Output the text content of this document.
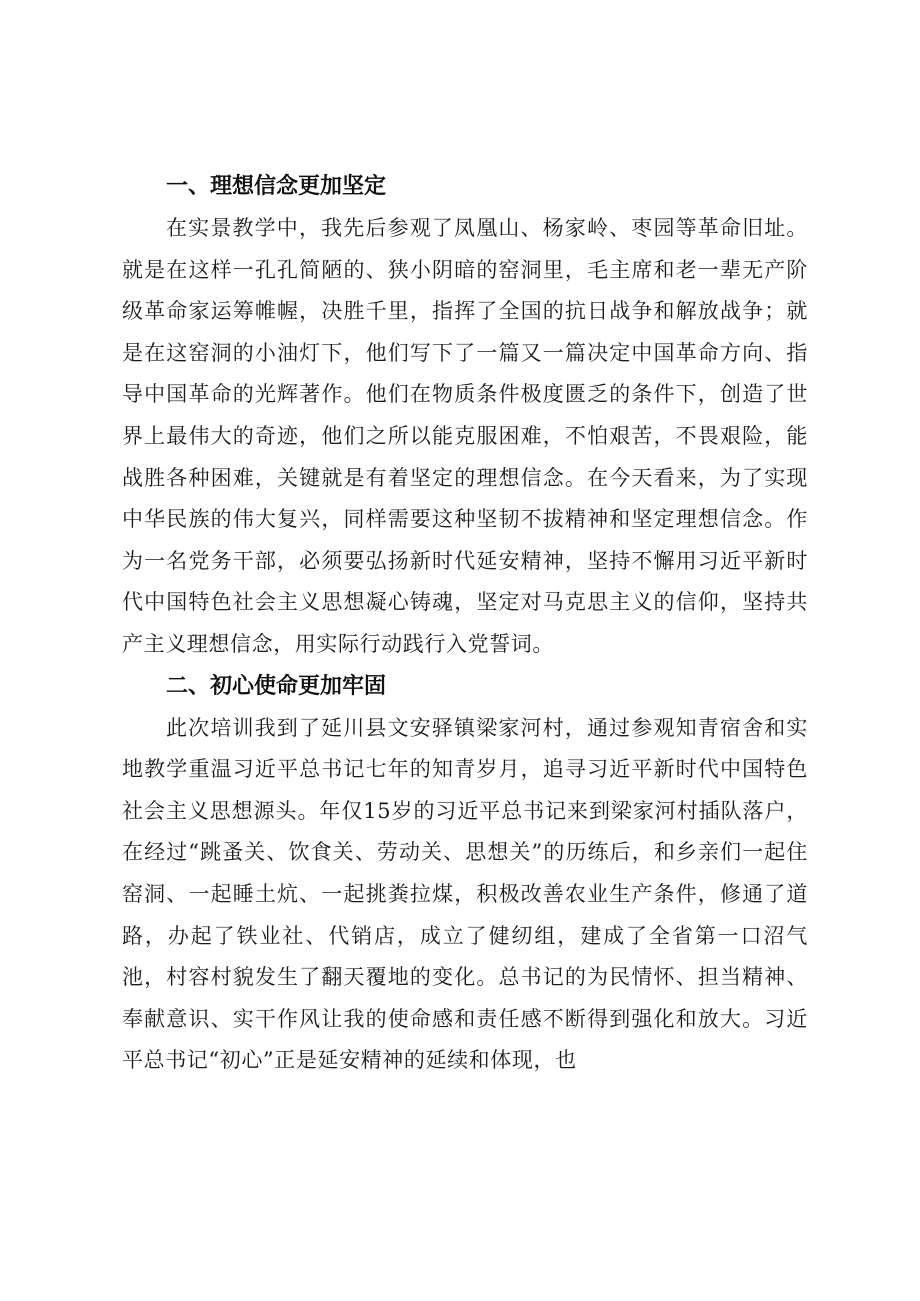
一、理想信念更加坚定

在实景教学中，我先后参观了凤凰山、杨家岭、枣园等革命旧址。就是在这样一孔孔简陋的、狭小阴暗的窑洞里，毛主席和老一辈无产阶级革命家运筹帷幄，决胜千里，指挥了全国的抗日战争和解放战争；就是在这窑洞的小油灯下，他们写下了一篇又一篇决定中国革命方向、指导中国革命的光辉著作。他们在物质条件极度匮乏的条件下，创造了世界上最伟大的奇迹，他们之所以能克服困难，不怕艰苦，不畏艰险，能战胜各种困难，关键就是有着坚定的理想信念。在今天看来，为了实现中华民族的伟大复兴，同样需要这种坚韧不拔精神和坚定理想信念。作为一名党务干部，必须要弘扬新时代延安精神，坚持不懈用习近平新时代中国特色社会主义思想凝心铸魂，坚定对马克思主义的信仰，坚持共产主义理想信念，用实际行动践行入党誓词。

二、初心使命更加牢固

此次培训我到了延川县文安驿镇梁家河村，通过参观知青宿舍和实地教学重温习近平总书记七年的知青岁月，追寻习近平新时代中国特色社会主义思想源头。年仅15岁的习近平总书记来到梁家河村插队落户，在经过“跳蚤关、饮食关、劳动关、思想关”的历练后，和乡亲们一起住窑洞、一起睡土炕、一起挑粪拉煤，积极改善农业生产条件，修通了道路，办起了铁业社、代销店，成立了健纫组，建成了全省第一口沼气池，村容村貌发生了翻天覆地的变化。总书记的为民情怀、担当精神、奉献意识、实干作风让我的使命感和责任感不断得到强化和放大。习近平总书记“初心”正是延安精神的延续和体现，也
